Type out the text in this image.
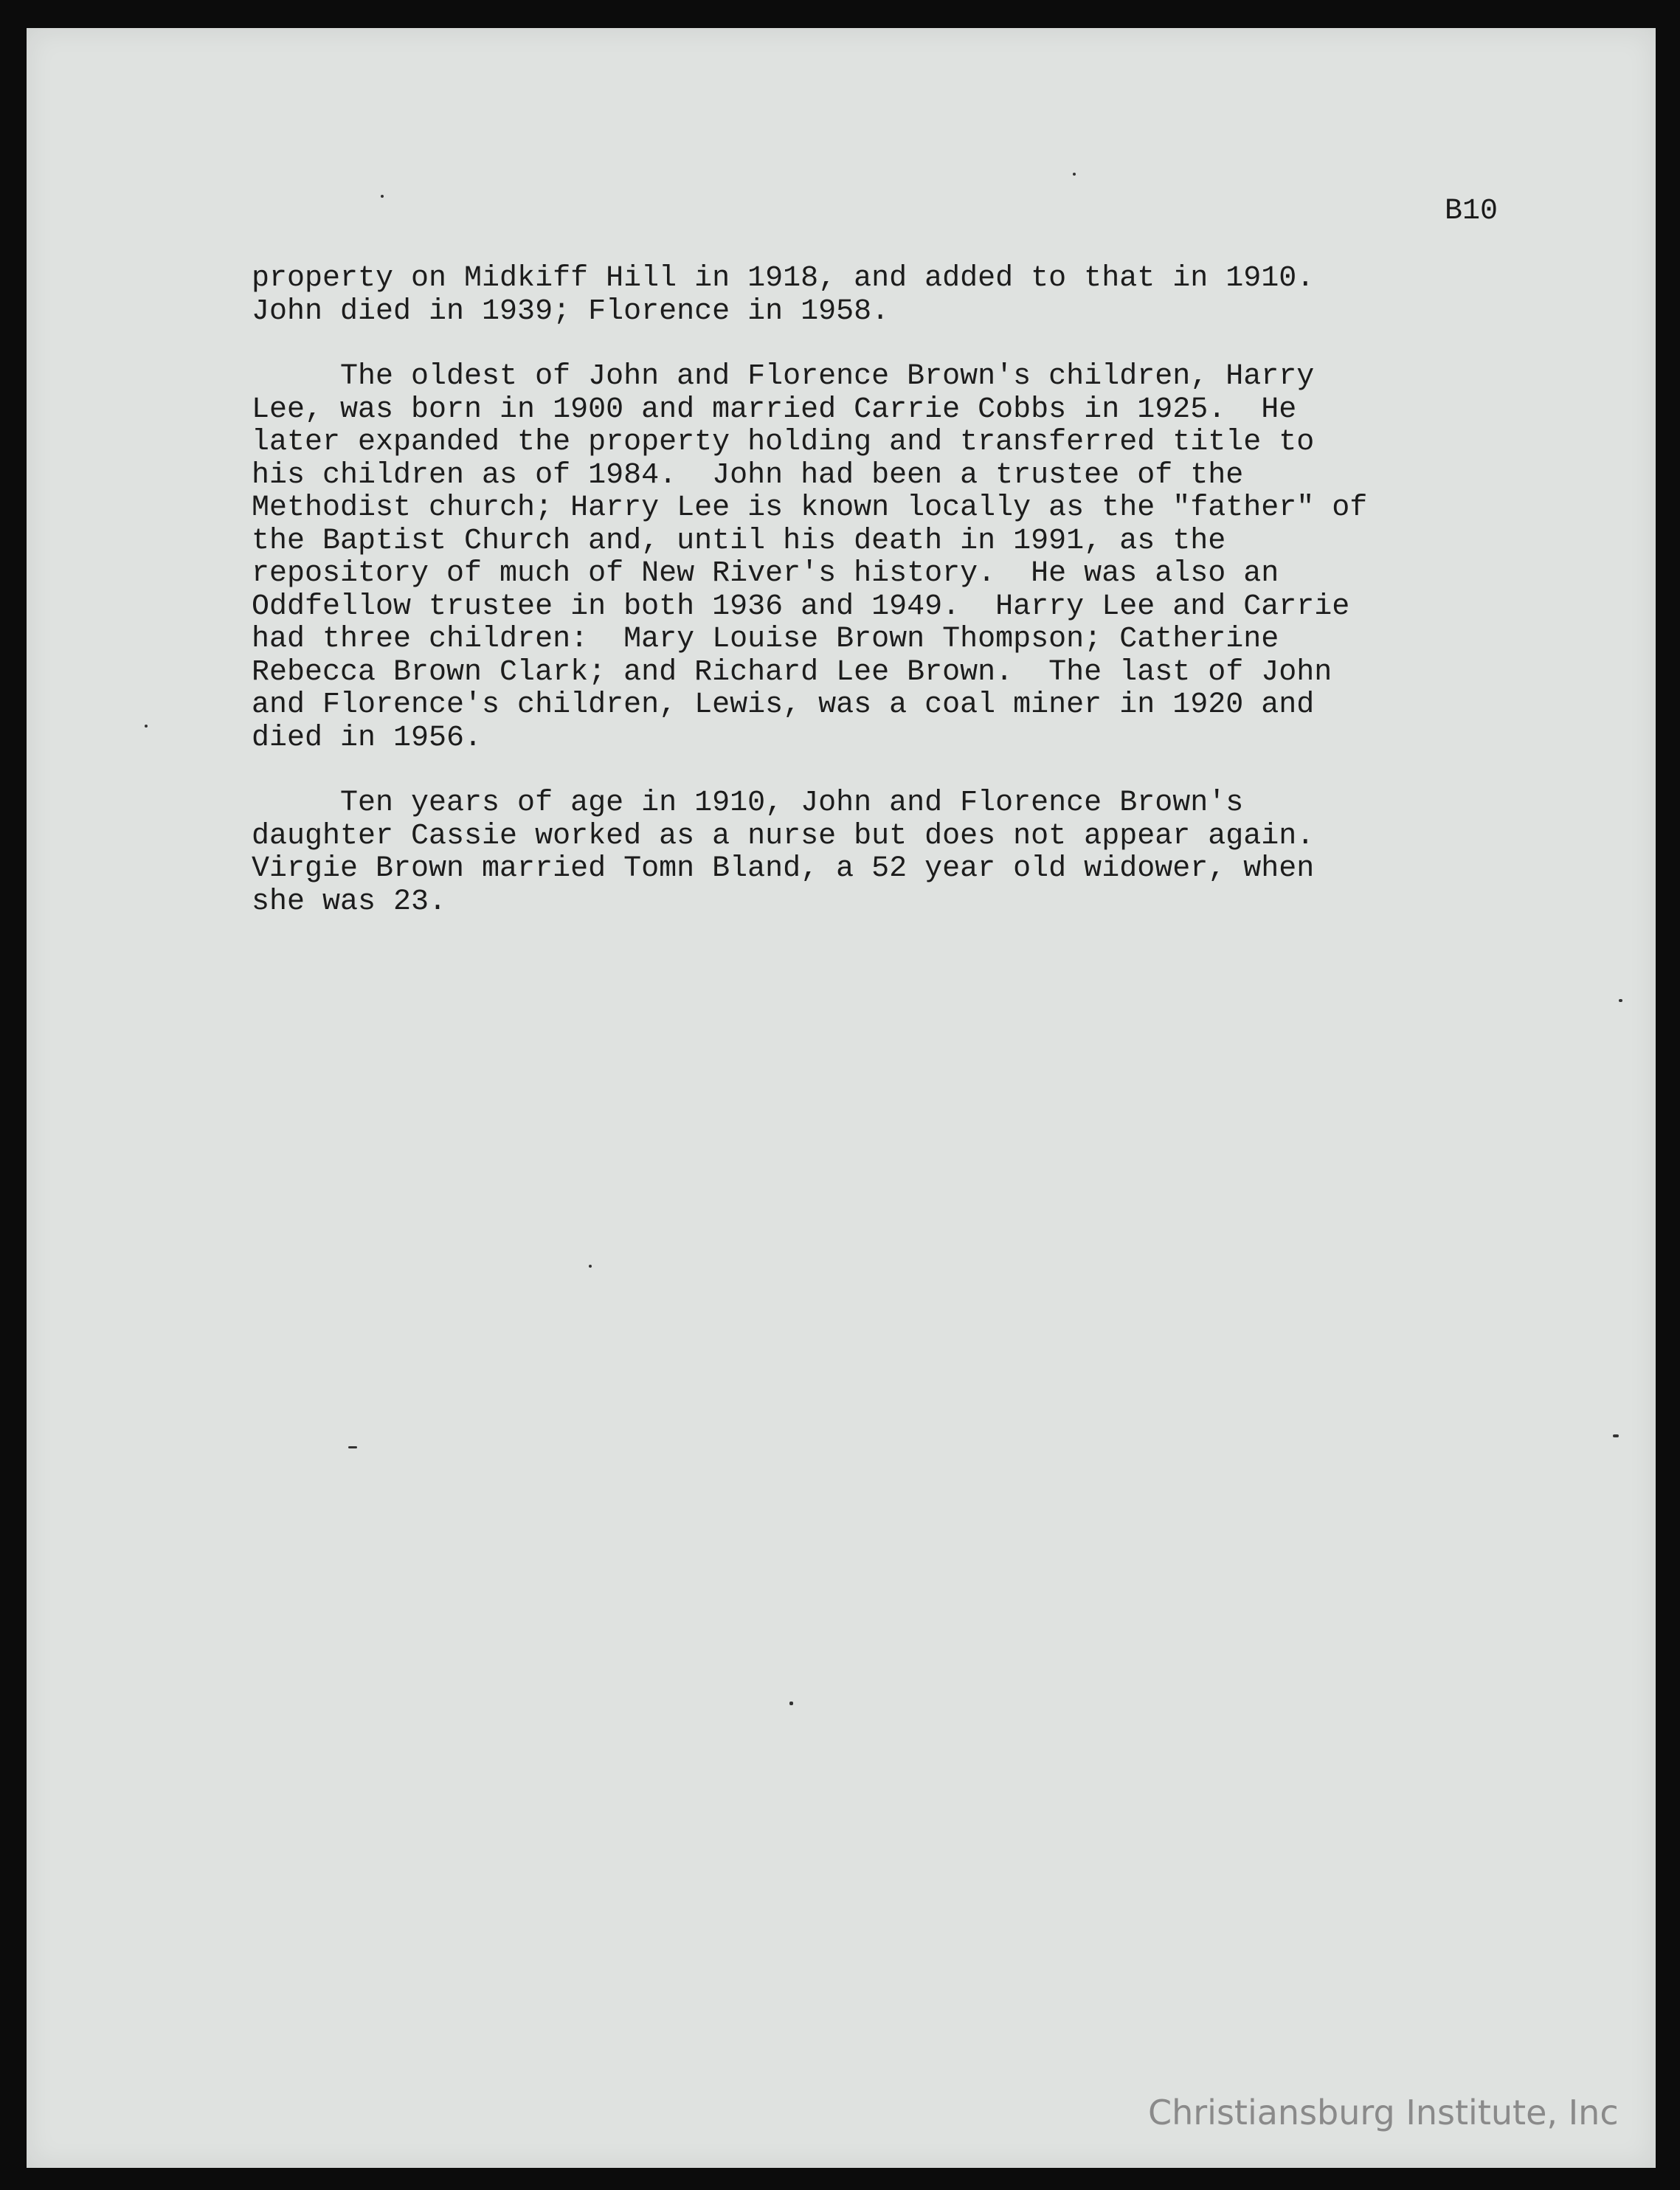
B10

property on Midkiff Hill in 1918, and added to that in 1910.
John died in 1939; Florence in 1958.

The oldest of John and Florence Brown's children, Harry
Lee, was born in 1900 and married Carrie Cobbs in 1925.  He
later expanded the property holding and transferred title to
his children as of 1984.  John had been a trustee of the
Methodist church; Harry Lee is known locally as the "father" of
the Baptist Church and, until his death in 1991, as the
repository of much of New River's history.  He was also an
Oddfellow trustee in both 1936 and 1949.  Harry Lee and Carrie
had three children:  Mary Louise Brown Thompson; Catherine
Rebecca Brown Clark; and Richard Lee Brown.  The last of John
and Florence's children, Lewis, was a coal miner in 1920 and
died in 1956.

Ten years of age in 1910, John and Florence Brown's
daughter Cassie worked as a nurse but does not appear again.
Virgie Brown married Tomn Bland, a 52 year old widower, when
she was 23.

Christiansburg Institute, Inc
